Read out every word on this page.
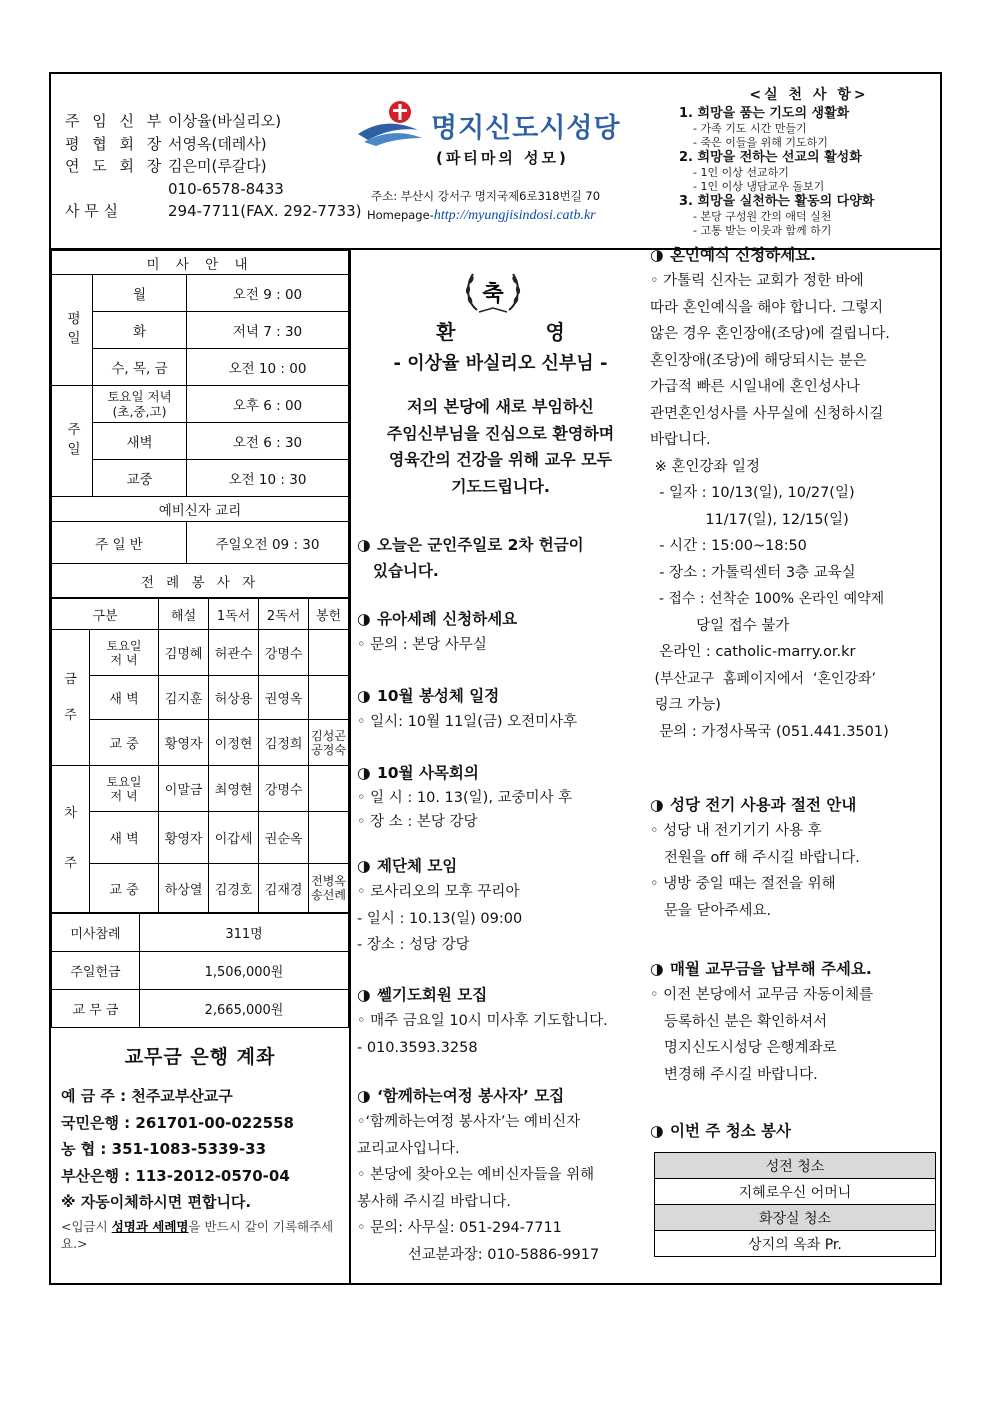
주 임 신 부 이상율(바실리오)
평 협 회 장 서영옥(데레사)
연 도 회 장 김은미(루갈다)
010-6578-8433
사 무 실	294-7711(FAX. 292-7733)
명지신도시성당
(파티마의 성모)
주소: 부산시 강서구 명지국제6로318번길 70
Homepage-http://myungjisindosi.catb.kr
<실 천 사 항>
1. 희망을 품는 기도의 생활화
- 가족 기도 시간 만들기
- 죽은 이들을 위해 기도하기
2. 희망을 전하는 선교의 활성화
- 1인 이상 선교하기
- 1인 이상 냉담교우 돌보기
3. 희망을 실천하는 활동의 다양화
- 본당 구성원 간의 애덕 실천
- 고통 받는 이웃과 함께 하기
미 사 안 내		
평일	월	오전 9 : 00
	화	저녁 7 : 30
	수, 목, 금	오전 10 : 00
주일	토요일 저녁
(초,중,고)	오후 6 : 00
	새벽	오전 6 : 30
	교중	오전 10 : 30
예비신자 교리		
주 일 반		주일오전 09 : 30
전 례 봉 사 자		
구분		해설	1독서	2독서	봉헌
금
주	토요일
저 녁	김명혜	허관수	강명수	
	새 벽	김지훈	허상용	권영옥	
	교 중	황영자	이정현	김정희	김성곤
공정숙
차
주	토요일
저 녁	이말금	최영현	강명수	
	새 벽	황영자	이갑세	권순옥	
	교 중	하상열	김경호	김재경	전병옥
송선례
미사참례	311명
주일헌금	1,506,000원
교 무 금	2,665,000원
교무금 은행 계좌
예 금 주 : 천주교부산교구
국민은행 : 261701-00-022558
농 협 : 351-1083-5339-33
부산은행 : 113-2012-0570-04
※ 자동이체하시면 편합니다.
<입금시 성명과 세례명을 반드시 같이 기록해주세요.>
축
환	영
- 이상율 바실리오 신부님 -
저의 본당에 새로 부임하신
주임신부님을 진심으로 환영하며
영육간의 건강을 위해 교우 모두
기도드립니다.
◑ 오늘은 군인주일로 2차 헌금이
있습니다.
◑ 유아세례 신청하세요
◦ 문의 : 본당 사무실
◑ 10월 봉성체 일정
◦ 일시: 10월 11일(금) 오전미사후
◑ 10월 사목회의
◦ 일 시 : 10. 13(일), 교중미사 후
◦ 장 소 : 본당 강당
◑ 제단체 모임
◦ 로사리오의 모후 꾸리아
- 일시 : 10.13(일) 09:00
- 장소 : 성당 강당
◑ 쎌기도회원 모집
◦ 매주 금요일 10시 미사후 기도합니다.
- 010.3593.3258
◑ ‘함께하는여정 봉사자’ 모집
◦‘함께하는여정 봉사자’는 예비신자
교리교사입니다.
◦ 본당에 찾아오는 예비신자들을 위해
봉사해 주시길 바랍니다.
◦ 문의: 사무실: 051-294-7711
선교분과장: 010-5886-9917
◑ 혼인예식 신청하세요.
◦ 가톨릭 신자는 교회가 정한 바에
따라 혼인예식을 해야 합니다. 그렇지
않은 경우 혼인장애(조당)에 걸립니다.
혼인장애(조당)에 해당되시는 분은
가급적 빠른 시일내에 혼인성사나
관면혼인성사를 사무실에 신청하시길
바랍니다.
※ 혼인강좌 일정
- 일자 : 10/13(일), 10/27(일)
11/17(일), 12/15(일)
- 시간 : 15:00~18:50
- 장소 : 가톨릭센터 3층 교육실
- 접수 : 선착순 100% 온라인 예약제
당일 접수 불가
온라인 : catholic-marry.or.kr
(부산교구  홈페이지에서  ‘혼인강좌’
링크 가능)
문의 : 가정사목국 (051.441.3501)
◑ 성당 전기 사용과 절전 안내
◦ 성당 내 전기기기 사용 후
전원을 off 해 주시길 바랍니다.
◦ 냉방 중일 때는 절전을 위해
문을 닫아주세요.
◑ 매월 교무금을 납부해 주세요.
◦ 이전 본당에서 교무금 자동이체를
등록하신 분은 확인하셔서
명지신도시성당 은행계좌로
변경해 주시길 바랍니다.
◑ 이번 주 청소 봉사
성전 청소
지혜로우신 어머니
화장실 청소
상지의 옥좌 Pr.
